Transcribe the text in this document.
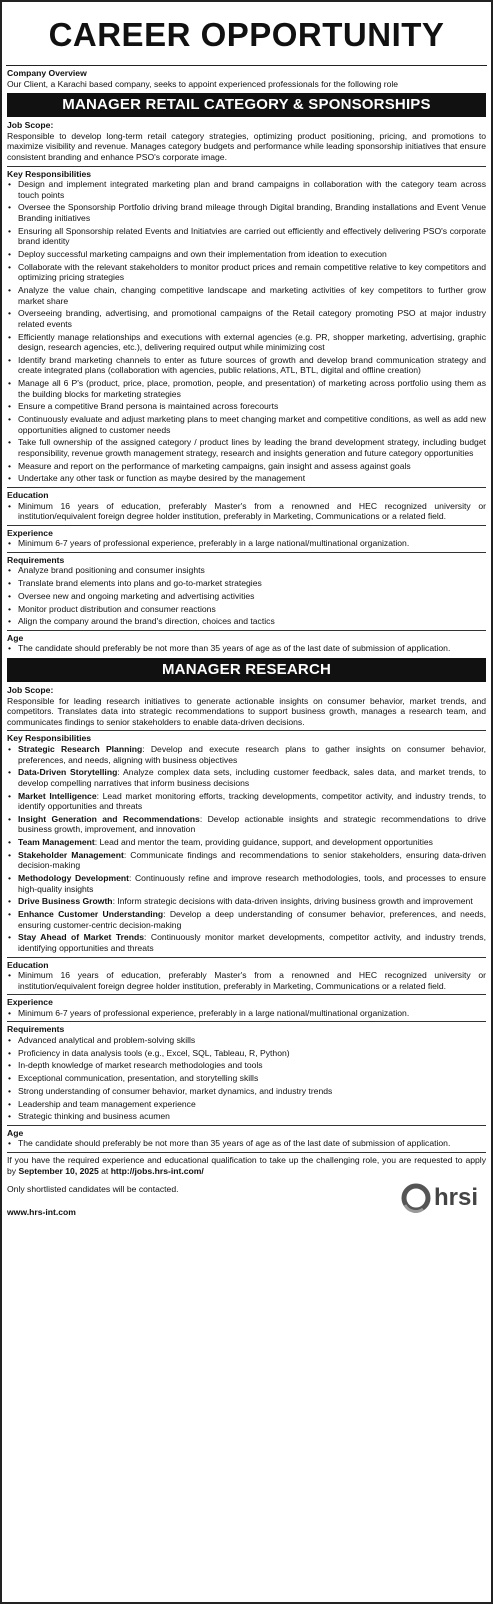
CAREER OPPORTUNITY
Company Overview
Our Client, a Karachi based company, seeks to appoint experienced professionals for the following role
MANAGER RETAIL CATEGORY & SPONSORSHIPS
Job Scope:
Responsible to develop long-term retail category strategies, optimizing product positioning, pricing, and promotions to maximize visibility and revenue. Manages category budgets and performance while leading sponsorship initiatives that ensure consistent branding and enhance PSO's corporate image.
Key Responsibilities
• Design and implement integrated marketing plan and brand campaigns in collaboration with the category team across touch points
• Oversee the Sponsorship Portfolio driving brand mileage through Digital branding, Branding installations and Event Venue Branding initiatives
• Ensuring all Sponsorship related Events and Initiatvies are carried out efficiently and effectively delivering PSO's corporate brand identity
• Deploy successful marketing campaigns and own their implementation from ideation to execution
• Collaborate with the relevant stakeholders to monitor product prices and remain competitive relative to key competitors and optimizing pricing strategies
• Analyze the value chain, changing competitive landscape and marketing activities of key competitors to further grow market share
• Overseeing branding, advertising, and promotional campaigns of the Retail category promoting PSO at major industry related events
• Efficiently manage relationships and executions with external agencies (e.g. PR, shopper marketing, advertising, graphic design, research agencies, etc.), delivering required output while minimizing cost
• Identify brand marketing channels to enter as future sources of growth and develop brand communication strategy and create integrated plans (collaboration with agencies, public relations, ATL, BTL, digital and offline creation)
• Manage all 6 P's (product, price, place, promotion, people, and presentation) of marketing across portfolio using them as the building blocks for marketing strategies
• Ensure a competitive Brand persona is maintained across forecourts
• Continuously evaluate and adjust marketing plans to meet changing market and competitive conditions, as well as add new opportunities aligned to customer needs
• Take full ownership of the assigned category / product lines by leading the brand development strategy, including budget responsibility, revenue growth management strategy, research and insights generation and future category opportunities
• Measure and report on the performance of marketing campaigns, gain insight and assess against goals
• Undertake any other task or function as maybe desired by the management
Education
• Minimum 16 years of education, preferably Master's from a renowned and HEC recognized university or institution/equivalent foreign degree holder institution, preferably in Marketing, Communications or a related field.
Experience
• Minimum 6-7 years of professional experience, preferably in a large national/multinational organization.
Requirements
• Analyze brand positioning and consumer insights
• Translate brand elements into plans and go-to-market strategies
• Oversee new and ongoing marketing and advertising activities
• Monitor product distribution and consumer reactions
• Align the company around the brand's direction, choices and tactics
Age
• The candidate should preferably be not more than 35 years of age as of the last date of submission of application.
MANAGER RESEARCH
Job Scope:
Responsible for leading research initiatives to generate actionable insights on consumer behavior, market trends, and competitors. Translates data into strategic recommendations to support business growth, manages a research team, and communicates findings to senior stakeholders to enable data-driven decisions.
Key Responsibilities
• Strategic Research Planning: Develop and execute research plans to gather insights on consumer behavior, preferences, and needs, aligning with business objectives
• Data-Driven Storytelling: Analyze complex data sets, including customer feedback, sales data, and market trends, to develop compelling narratives that inform business decisions
• Market Intelligence: Lead market monitoring efforts, tracking developments, competitor activity, and industry trends, to identify opportunities and threats
• Insight Generation and Recommendations: Develop actionable insights and strategic recommendations to drive business growth, improvement, and innovation
• Team Management: Lead and mentor the team, providing guidance, support, and development opportunities
• Stakeholder Management: Communicate findings and recommendations to senior stakeholders, ensuring data-driven decision-making
• Methodology Development: Continuously refine and improve research methodologies, tools, and processes to ensure high-quality insights
• Drive Business Growth: Inform strategic decisions with data-driven insights, driving business growth and improvement
• Enhance Customer Understanding: Develop a deep understanding of consumer behavior, preferences, and needs, ensuring customer-centric decision-making
• Stay Ahead of Market Trends: Continuously monitor market developments, competitor activity, and industry trends, identifying opportunities and threats
Education
• Minimum 16 years of education, preferably Master's from a renowned and HEC recognized university or institution/equivalent foreign degree holder institution, preferably in Marketing, Communications or a related field.
Experience
• Minimum 6-7 years of professional experience, preferably in a large national/multinational organization.
Requirements
• Advanced analytical and problem-solving skills
• Proficiency in data analysis tools (e.g., Excel, SQL, Tableau, R, Python)
• In-depth knowledge of market research methodologies and tools
• Exceptional communication, presentation, and storytelling skills
• Strong understanding of consumer behavior, market dynamics, and industry trends
• Leadership and team management experience
• Strategic thinking and business acumen
Age
• The candidate should preferably be not more than 35 years of age as of the last date of submission of application.
If you have the required experience and educational qualification to take up the challenging role, you are requested to apply by September 10, 2025 at http://jobs.hrs-int.com/
Only shortlisted candidates will be contacted.
www.hrs-int.com
hrsi
